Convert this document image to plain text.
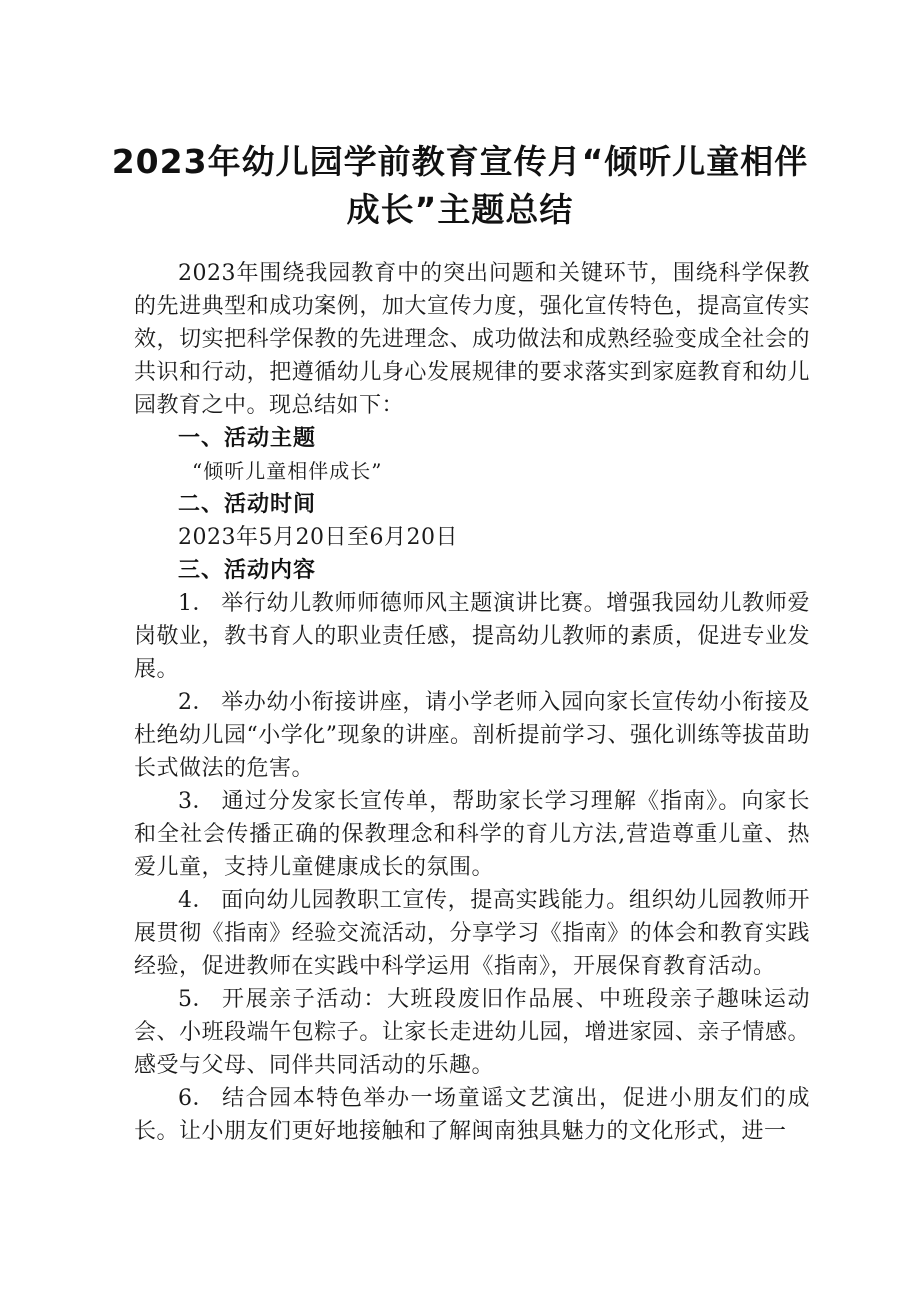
2023年幼儿园学前教育宣传月“倾听儿童相伴
成长”主题总结

2023年围绕我园教育中的突出问题和关键环节，围绕科学保教的先进典型和成功案例，加大宣传力度，强化宣传特色，提高宣传实效，切实把科学保教的先进理念、成功做法和成熟经验变成全社会的共识和行动，把遵循幼儿身心发展规律的要求落实到家庭教育和幼儿园教育之中。现总结如下：

一、活动主题

“倾听儿童相伴成长”

二、活动时间

2023年5月20日至6月20日

三、活动内容

1． 举行幼儿教师师德师风主题演讲比赛。增强我园幼儿教师爱岗敬业，教书育人的职业责任感，提高幼儿教师的素质，促进专业发展。

2． 举办幼小衔接讲座，请小学老师入园向家长宣传幼小衔接及杜绝幼儿园“小学化”现象的讲座。剖析提前学习、强化训练等拔苗助长式做法的危害。

3． 通过分发家长宣传单，帮助家长学习理解《指南》。向家长和全社会传播正确的保教理念和科学的育儿方法,营造尊重儿童、热爱儿童，支持儿童健康成长的氛围。

4． 面向幼儿园教职工宣传，提高实践能力。组织幼儿园教师开展贯彻《指南》经验交流活动，分享学习《指南》的体会和教育实践经验，促进教师在实践中科学运用《指南》，开展保育教育活动。

5． 开展亲子活动：大班段废旧作品展、中班段亲子趣味运动会、小班段端午包粽子。让家长走进幼儿园，增进家园、亲子情感。感受与父母、同伴共同活动的乐趣。

6． 结合园本特色举办一场童谣文艺演出，促进小朋友们的成长。让小朋友们更好地接触和了解闽南独具魅力的文化形式，进一
